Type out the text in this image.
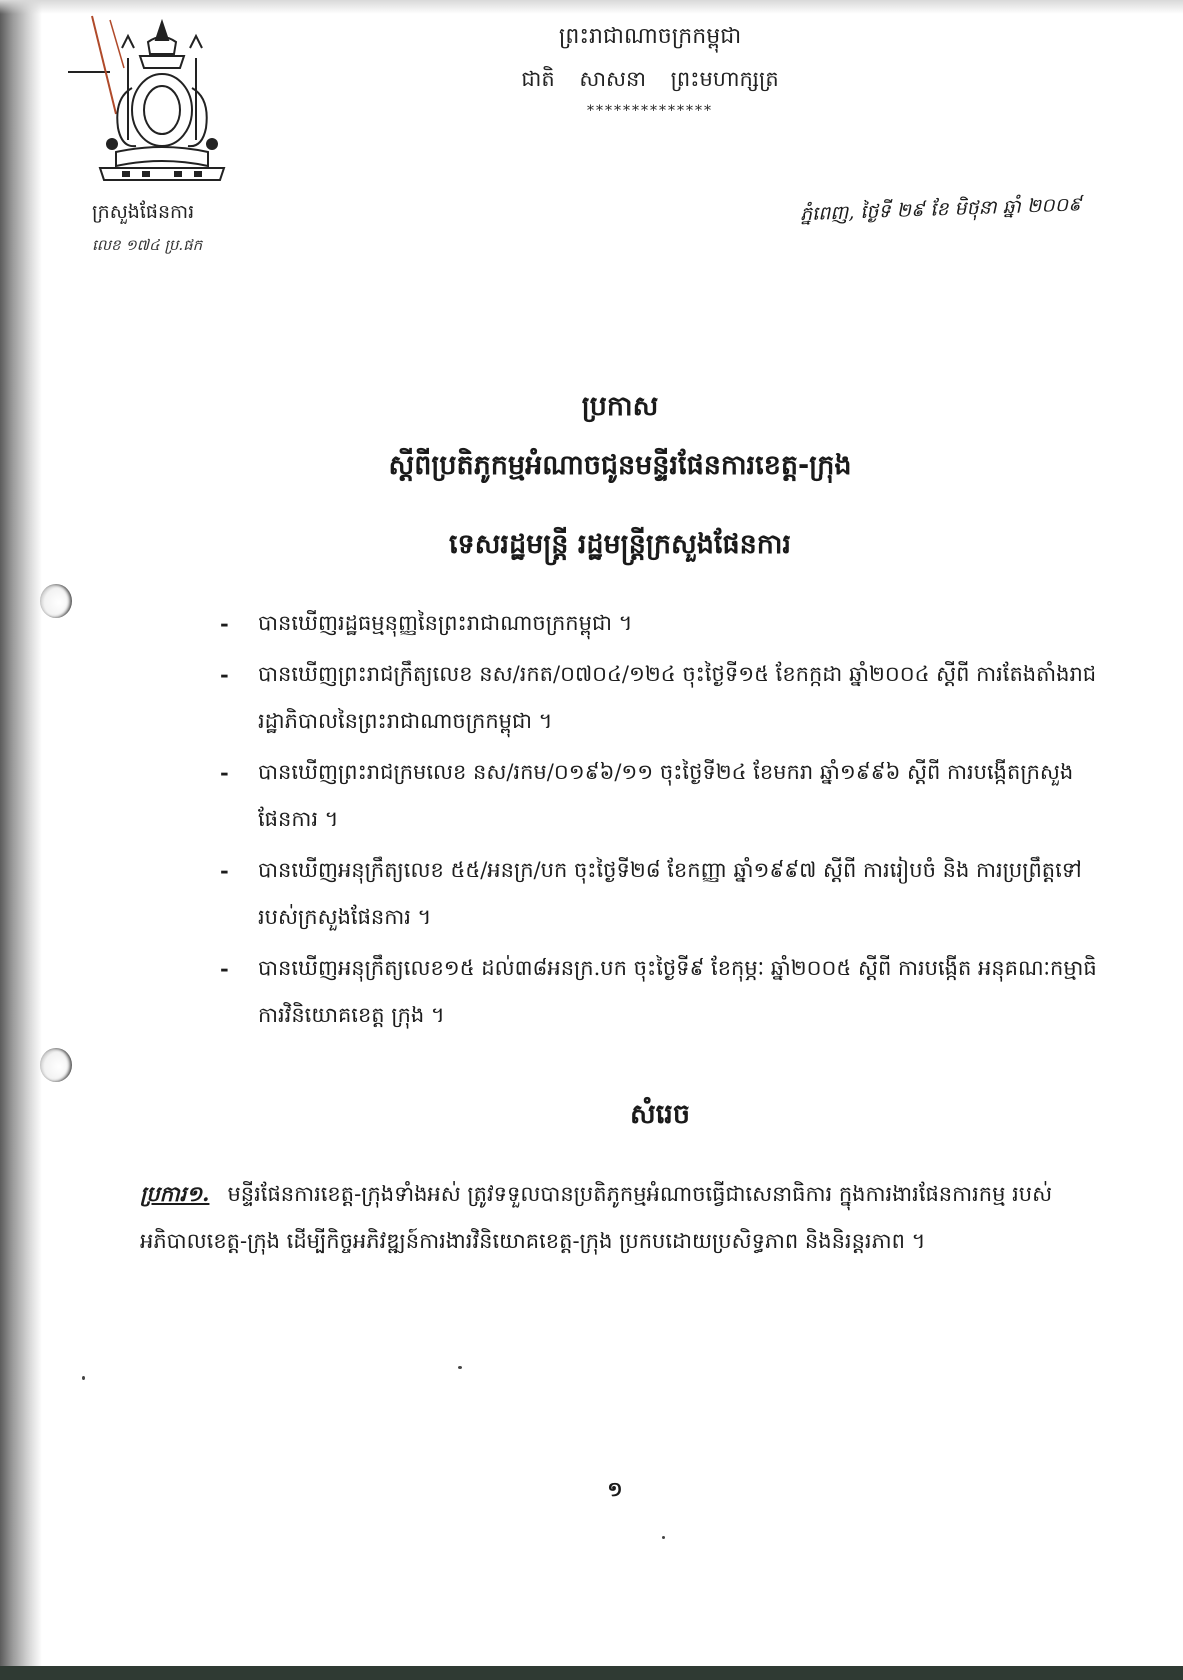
ព្រះរាជាណាចក្រកម្ពុជា
ជាតិ សាសនា ព្រះមហាក្សត្រ
**************
ក្រសួងផែនការ
លេខ ១៧៤ ប្រ.ផក
ភ្នំពេញ, ថ្ងៃទី ២៩ ខែ មិថុនា ឆ្នាំ ២០០៩
ប្រកាស
ស្ដីពីប្រតិភូកម្មអំណាចជូនមន្ទីរផែនការខេត្ត-ក្រុង
ទេសរដ្ឋមន្ត្រី រដ្ឋមន្ត្រីក្រសួងផែនការ
- បានឃើញរដ្ឋធម្មនុញ្ញនៃព្រះរាជាណាចក្រកម្ពុជា ។
- បានឃើញព្រះរាជក្រឹត្យលេខ នស/រកត/០៧០៤/១២៤ ចុះថ្ងៃទី១៥ ខែកក្កដា ឆ្នាំ២០០៤ ស្ដីពី ការតែងតាំងរាជរដ្ឋាភិបាលនៃព្រះរាជាណាចក្រកម្ពុជា ។
- បានឃើញព្រះរាជក្រមលេខ នស/រកម/០១៩៦/១១ ចុះថ្ងៃទី២៤ ខែមករា ឆ្នាំ១៩៩៦ ស្ដីពី ការបង្កើតក្រសួងផែនការ ។
- បានឃើញអនុក្រឹត្យលេខ ៥៥/អនក្រ/បក ចុះថ្ងៃទី២៨ ខែកញ្ញា ឆ្នាំ១៩៩៧ ស្ដីពី ការរៀបចំ និង ការប្រព្រឹត្តទៅរបស់ក្រសួងផែនការ ។
- បានឃើញអនុក្រឹត្យលេខ១៥ ដល់៣៨អនក្រ.បក ចុះថ្ងៃទី៩ ខែកុម្ភៈ ឆ្នាំ២០០៥ ស្ដីពី ការបង្កើត អនុគណៈកម្មាធិការវិនិយោគខេត្ត ក្រុង ។
សំរេច
ប្រការ១. មន្ទីរផែនការខេត្ត-ក្រុងទាំងអស់ ត្រូវទទួលបានប្រតិភូកម្មអំណាចធ្វើជាសេនាធិការ ក្នុងការងារផែនការកម្ម របស់អភិបាលខេត្ត-ក្រុង ដើម្បីកិច្ចអភិវឌ្ឍន៍ការងារវិនិយោគខេត្ត-ក្រុង ប្រកបដោយប្រសិទ្ធភាព និងនិរន្តរភាព ។
១
